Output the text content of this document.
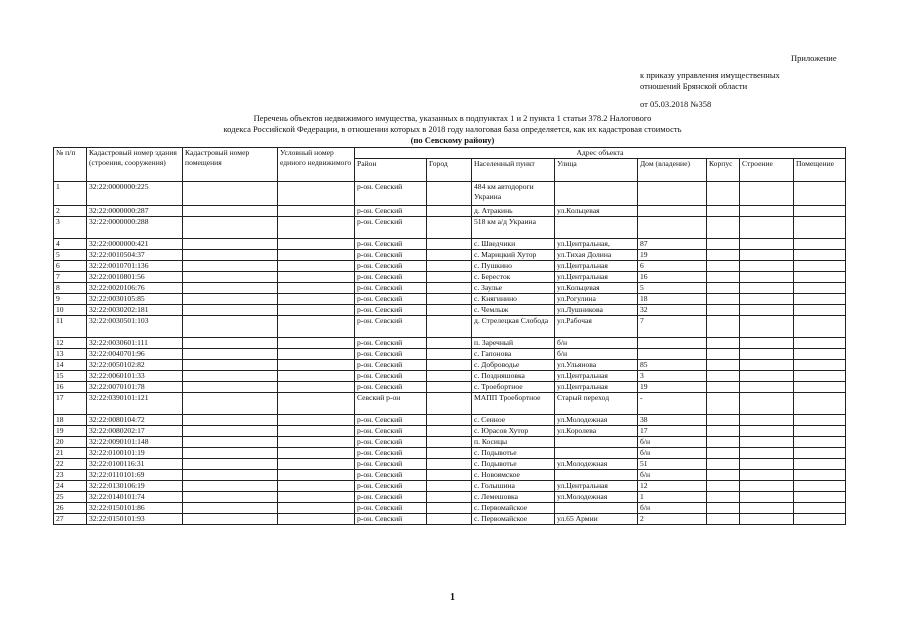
Приложение
к приказу управления имущественных
отношений Брянской области
от 05.03.2018 №358
Перечень объектов недвижимого имущества, указанных в подпунктах 1 и 2 пункта 1 статьи 378.2 Налогового
кодекса Российской Федерации, в отношении которых в 2018 году налоговая база определяется, как их кадастровая стоимость
(по Севскому району)
№ п/п	Кадастровый номер здания (строения, сооружения)	Кадастровый номер помещения	Условный номер единого недвижимого	Адрес объекта							
				Район	Город	Населенный пункт	Улица	Дом (владение)	Корпус	Строение	Помещение
1	32:22:0000000:225			р-он. Севский		484 км автодороги Украина					
2	32:22:0000000:287			р-он. Севский		д. Атракинь	ул.Кольцевая				
3	32:22:0000000:288			р-он. Севский		518 км а/д Украина					
4	32:22:0000000:421			р-он. Севский		с. Шведчики	ул.Центральная,	87			
5	32:22:0010504:37			р-он. Севский		с. Марицкий Хутор	ул.Тихая Долина	19			
6	32:22:0010701:136			р-он. Севский		с. Пушкино	ул.Центральная	6			
7	32:22:0010801:56			р-он. Севский		с. Бересток	ул.Центральная	16			
8	32:22:0020106:76			р-он. Севский		с. Заулье	ул.Кольцевая	5			
9	32:22:0030105:85			р-он. Севский		с. Княгинино	ул.Рогулина	18			
10	32:22:0030202:181			р-он. Севский		с. Чемлыж	ул.Лушникова	32			
11	32:22:0030501:103			р-он. Севский		д. Стрелецкая Слобода	ул.Рабочая	7			
12	32:22:0030601:111			р-он. Севский		п. Заречный	б/н				
13	32:22:0040701:96			р-он. Севский		с. Гапонова	б/н				
14	32:22:0050102:82			р-он. Севский		с. Доброводье	ул.Ульянова	85			
15	32:22:0060101:33			р-он. Севский		с. Поздняшовка	ул.Центральная	3			
16	32:22:0070101:78			р-он. Севский		с. Троебортное	ул.Центральная	19			
17	32:22:0390101:121			Севский р-он		МАПП Троебортное	Старый переход	-			
18	32:22:0080104:72			р-он. Севский		с. Сенное	ул.Молодежная	38			
19	32:22:0080202:17			р-он. Севский		с. Юрасов Хутор	ул.Королева	17			
20	32:22:0090101:148			р-он. Севский		п. Косицы		б/н			
21	32:22:0100101:19			р-он. Севский		с. Подывотье		б/н			
22	32:22:0100116:31			р-он. Севский		с. Подывотье	ул.Молодежная	51			
23	32:22:0110101:69			р-он. Севский		с. Новоямское		б/н			
24	32:22:0130106:19			р-он. Севский		с. Голышина	ул.Центральная	12			
25	32:22:0140101:74			р-он. Севский		с. Лемешовка	ул.Молодежная	1			
26	32:22:0150101:86			р-он. Севский		с. Первомайское		б/н			
27	32:22:0150101:93			р-он. Севский		с. Первомайское	ул.65 Армии	2			
1
